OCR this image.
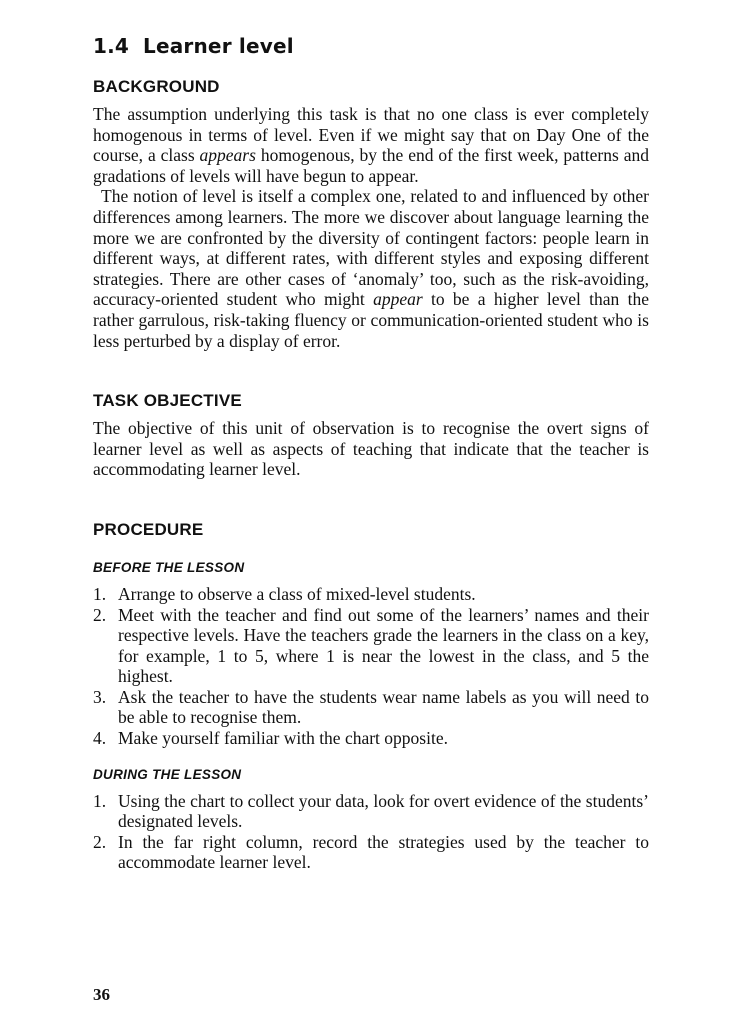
1.4 Learner level
BACKGROUND

The assumption underlying this task is that no one class is ever completely homogenous in terms of level. Even if we might say that on Day One of the course, a class appears homogenous, by the end of the first week, patterns and gradations of levels will have begun to appear.

The notion of level is itself a complex one, related to and influenced by other differences among learners. The more we discover about language learning the more we are confronted by the diversity of contingent factors: people learn in different ways, at different rates, with different styles and exposing different strategies. There are other cases of ‘anomaly’ too, such as the risk-avoiding, accuracy-oriented student who might appear to be a higher level than the rather garrulous, risk-taking fluency or communication-oriented student who is less perturbed by a display of error.

TASK OBJECTIVE

The objective of this unit of observation is to recognise the overt signs of learner level as well as aspects of teaching that indicate that the teacher is accommodating learner level.

PROCEDURE
BEFORE THE LESSON
1. Arrange to observe a class of mixed-level students.
2. Meet with the teacher and find out some of the learners’ names and their respective levels. Have the teachers grade the learners in the class on a key, for example, 1 to 5, where 1 is near the lowest in the class, and 5 the highest.
3. Ask the teacher to have the students wear name labels as you will need to be able to recognise them.
4. Make yourself familiar with the chart opposite.
DURING THE LESSON
1. Using the chart to collect your data, look for overt evidence of the students’ designated levels.
2. In the far right column, record the strategies used by the teacher to accommodate learner level.
36
